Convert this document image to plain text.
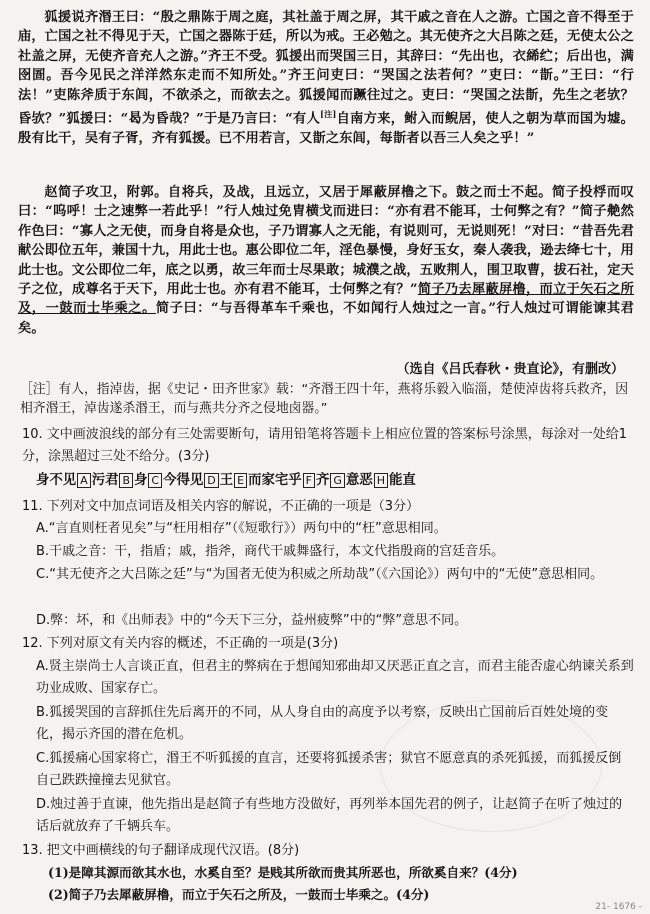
狐援说齐湣王曰：“殷之鼎陈于周之庭，其社盖于周之屏，其干戚之音在人之游。亡国之音不得至于庙，亡国之社不得见于天，亡国之器陈于廷，所以为戒。王必勉之。其无使齐之大吕陈之廷，无使太公之社盖之屏，无使齐音充人之游。”齐王不受。狐援出而哭国三日，其辞曰：“先出也，衣絺纻；后出也，满囹圄。吾今见民之洋洋然东走而不知所处。”齐王问吏曰：“哭国之法若何？”吏曰：“斮。”王曰：“行法！”吏陈斧质于东闾，不欲杀之，而欲去之。狐援闻而蹶往过之。吏曰：“哭国之法斮，先生之老欤？昏欤？”狐援曰：“曷为昏哉？”于是乃言曰：“有人[注]自南方来，鲋入而鲵居，使人之朝为草而国为墟。殷有比干，吴有子胥，齐有狐援。已不用若言，又斮之东闾，每斮者以吾三人矣之乎！”

赵简子攻卫，附郭。自将兵，及战，且远立，又居于犀蔽屏橹之下。鼓之而士不起。简子投桴而叹曰：“呜呼！士之速弊一若此乎！”行人烛过免胄横戈而进曰：“亦有君不能耳，士何弊之有？”简子艴然作色曰：“寡人之无使，而身自将是众也，子乃谓寡人之无能，有说则可，无说则死！”对曰：“昔吾先君献公即位五年，兼国十九，用此士也。惠公即位二年，淫色暴慢，身好玉女，秦人袭我，逊去绛七十，用此士也。文公即位二年，底之以勇，故三年而士尽果敢；城濮之战，五败荆人，围卫取曹，拔石社，定天子之位，成尊名于天下，用此士也。亦有君不能耳，士何弊之有？”简子乃去犀蔽屏橹，而立于矢石之所及，一鼓而士毕乘之。简子曰：“与吾得革车千乘也，不如闻行人烛过之一言。”行人烛过可谓能谏其君矣。

（选自《吕氏春秋・贵直论》，有删改）
［注］有人，指淖齿，据《史记・田齐世家》载：“齐湣王四十年，燕将乐毅入临淄，楚使淖齿将兵救齐，因相齐湣王，淖齿遂杀湣王，而与燕共分齐之侵地卤器。”
10. 文中画波浪线的部分有三处需要断句，请用铅笔将答题卡上相应位置的答案标号涂黑，每涂对一处给1分，涂黑超过三处不给分。(3分)
身不见 A 污君 B 身 C 今得见 D 王 E 而家宅乎 F 齐 G 意恶 H 能直
11. 下列对文中加点词语及相关内容的解说，不正确的一项是（3分）
A.“言直则枉者见矣”与“枉用相存”（《短歌行》）两句中的“枉”意思相同。
B.干戚之音：干，指盾；戚，指斧，商代干戚舞盛行，本文代指殷商的宫廷音乐。
C.“其无使齐之大吕陈之廷”与“为国者无使为积威之所劫哉”（《六国论》）两句中的“无使”意思相同。
D.弊：坏，和《出师表》中的“今天下三分，益州疲弊”中的“弊”意思不同。
12. 下列对原文有关内容的概述，不正确的一项是(3分)
A.贤主崇尚士人言谈正直，但君主的弊病在于想闻知邪曲却又厌恶正直之言，而君主能否虚心纳谏关系到功业成败、国家存亡。
B.狐援哭国的言辞抓住先后离开的不同，从人身自由的高度予以考察，反映出亡国前后百姓处境的变化，揭示齐国的潜在危机。
C.狐援痛心国家将亡，湣王不听狐援的直言，还要将狐援杀害；狱官不愿意真的杀死狐援，而狐援反倒自己跌跌撞撞去见狱官。
D.烛过善于直谏，他先指出是赵简子有些地方没做好，再列举本国先君的例子，让赵简子在听了烛过的话后就放弃了千辆兵车。
13. 把文中画横线的句子翻译成现代汉语。(8分)
(1)是障其源而欲其水也，水奚自至？是贱其所欲而贵其所恶也，所欲奚自来？(4分)
(2)简子乃去犀蔽屏橹，而立于矢石之所及，一鼓而士毕乘之。(4分)
21- 1676 -
